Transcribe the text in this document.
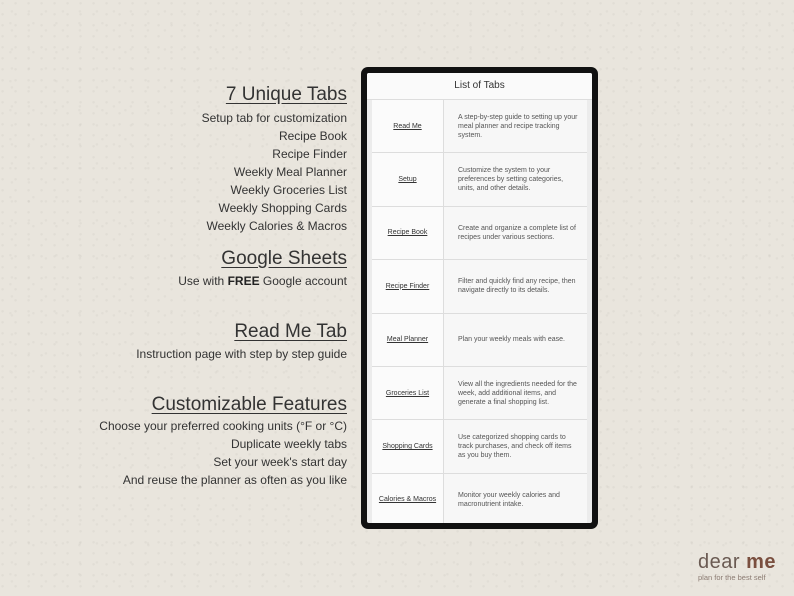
7 Unique Tabs
Setup tab for customization
Recipe Book
Recipe Finder
Weekly Meal Planner
Weekly Groceries List
Weekly Shopping Cards
Weekly Calories & Macros
Google Sheets
Use with FREE Google account
Read Me Tab
Instruction page with step by step guide
Customizable Features
Choose your preferred cooking units (°F or °C)
Duplicate weekly tabs
Set your week's start day
And reuse the planner as often as you like
List of Tabs
Read Me
A step-by-step guide to setting up your meal planner and recipe tracking system.
Setup
Customize the system to your preferences by setting categories, units, and other details.
Recipe Book
Create and organize a complete list of recipes under various sections.
Recipe Finder
Filter and quickly find any recipe, then navigate directly to its details.
Meal Planner	Plan your weekly meals with ease.
Groceries List
View all the ingredients needed for the week, add additional items, and generate a final shopping list.
Shopping Cards
Use categorized shopping cards to track purchases, and check off items as you buy them.
Calories & Macros
Monitor your weekly calories and macronutrient intake.
dear me
plan for the best self
